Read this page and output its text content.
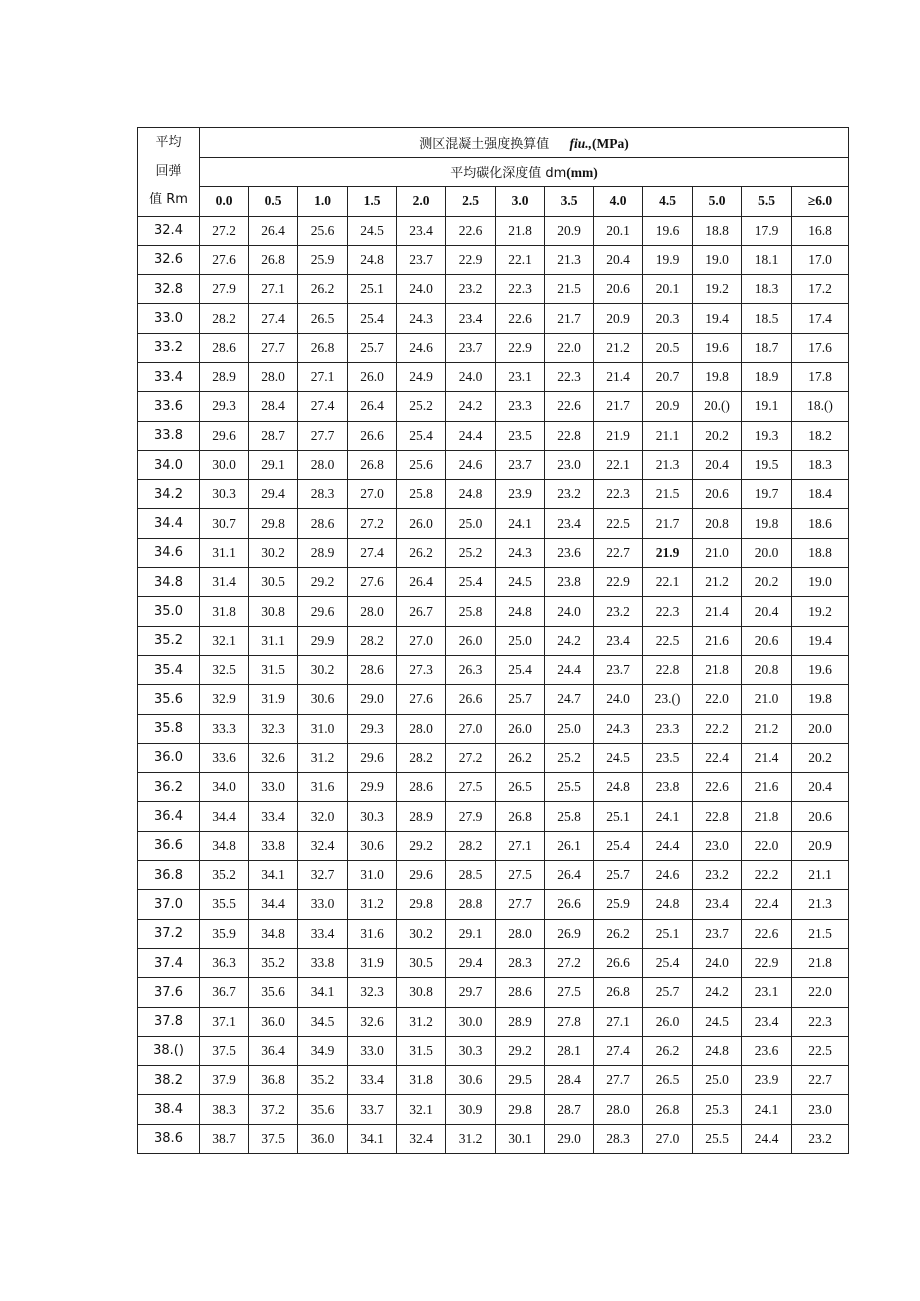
平均
回弹
值 Rm	测区混凝土强度换算值 fiu.,(MPa)												
	平均碳化深度值 dm(mm)												
	0.0	0.5	1.0	1.5	2.0	2.5	3.0	3.5	4.0	4.5	5.0	5.5	≥6.0
32.4	27.2	26.4	25.6	24.5	23.4	22.6	21.8	20.9	20.1	19.6	18.8	17.9	16.8
32.6	27.6	26.8	25.9	24.8	23.7	22.9	22.1	21.3	20.4	19.9	19.0	18.1	17.0
32.8	27.9	27.1	26.2	25.1	24.0	23.2	22.3	21.5	20.6	20.1	19.2	18.3	17.2
33.0	28.2	27.4	26.5	25.4	24.3	23.4	22.6	21.7	20.9	20.3	19.4	18.5	17.4
33.2	28.6	27.7	26.8	25.7	24.6	23.7	22.9	22.0	21.2	20.5	19.6	18.7	17.6
33.4	28.9	28.0	27.1	26.0	24.9	24.0	23.1	22.3	21.4	20.7	19.8	18.9	17.8
33.6	29.3	28.4	27.4	26.4	25.2	24.2	23.3	22.6	21.7	20.9	20.()	19.1	18.()
33.8	29.6	28.7	27.7	26.6	25.4	24.4	23.5	22.8	21.9	21.1	20.2	19.3	18.2
34.0	30.0	29.1	28.0	26.8	25.6	24.6	23.7	23.0	22.1	21.3	20.4	19.5	18.3
34.2	30.3	29.4	28.3	27.0	25.8	24.8	23.9	23.2	22.3	21.5	20.6	19.7	18.4
34.4	30.7	29.8	28.6	27.2	26.0	25.0	24.1	23.4	22.5	21.7	20.8	19.8	18.6
34.6	31.1	30.2	28.9	27.4	26.2	25.2	24.3	23.6	22.7	21.9	21.0	20.0	18.8
34.8	31.4	30.5	29.2	27.6	26.4	25.4	24.5	23.8	22.9	22.1	21.2	20.2	19.0
35.0	31.8	30.8	29.6	28.0	26.7	25.8	24.8	24.0	23.2	22.3	21.4	20.4	19.2
35.2	32.1	31.1	29.9	28.2	27.0	26.0	25.0	24.2	23.4	22.5	21.6	20.6	19.4
35.4	32.5	31.5	30.2	28.6	27.3	26.3	25.4	24.4	23.7	22.8	21.8	20.8	19.6
35.6	32.9	31.9	30.6	29.0	27.6	26.6	25.7	24.7	24.0	23.()	22.0	21.0	19.8
35.8	33.3	32.3	31.0	29.3	28.0	27.0	26.0	25.0	24.3	23.3	22.2	21.2	20.0
36.0	33.6	32.6	31.2	29.6	28.2	27.2	26.2	25.2	24.5	23.5	22.4	21.4	20.2
36.2	34.0	33.0	31.6	29.9	28.6	27.5	26.5	25.5	24.8	23.8	22.6	21.6	20.4
36.4	34.4	33.4	32.0	30.3	28.9	27.9	26.8	25.8	25.1	24.1	22.8	21.8	20.6
36.6	34.8	33.8	32.4	30.6	29.2	28.2	27.1	26.1	25.4	24.4	23.0	22.0	20.9
36.8	35.2	34.1	32.7	31.0	29.6	28.5	27.5	26.4	25.7	24.6	23.2	22.2	21.1
37.0	35.5	34.4	33.0	31.2	29.8	28.8	27.7	26.6	25.9	24.8	23.4	22.4	21.3
37.2	35.9	34.8	33.4	31.6	30.2	29.1	28.0	26.9	26.2	25.1	23.7	22.6	21.5
37.4	36.3	35.2	33.8	31.9	30.5	29.4	28.3	27.2	26.6	25.4	24.0	22.9	21.8
37.6	36.7	35.6	34.1	32.3	30.8	29.7	28.6	27.5	26.8	25.7	24.2	23.1	22.0
37.8	37.1	36.0	34.5	32.6	31.2	30.0	28.9	27.8	27.1	26.0	24.5	23.4	22.3
38.()	37.5	36.4	34.9	33.0	31.5	30.3	29.2	28.1	27.4	26.2	24.8	23.6	22.5
38.2	37.9	36.8	35.2	33.4	31.8	30.6	29.5	28.4	27.7	26.5	25.0	23.9	22.7
38.4	38.3	37.2	35.6	33.7	32.1	30.9	29.8	28.7	28.0	26.8	25.3	24.1	23.0
38.6	38.7	37.5	36.0	34.1	32.4	31.2	30.1	29.0	28.3	27.0	25.5	24.4	23.2
